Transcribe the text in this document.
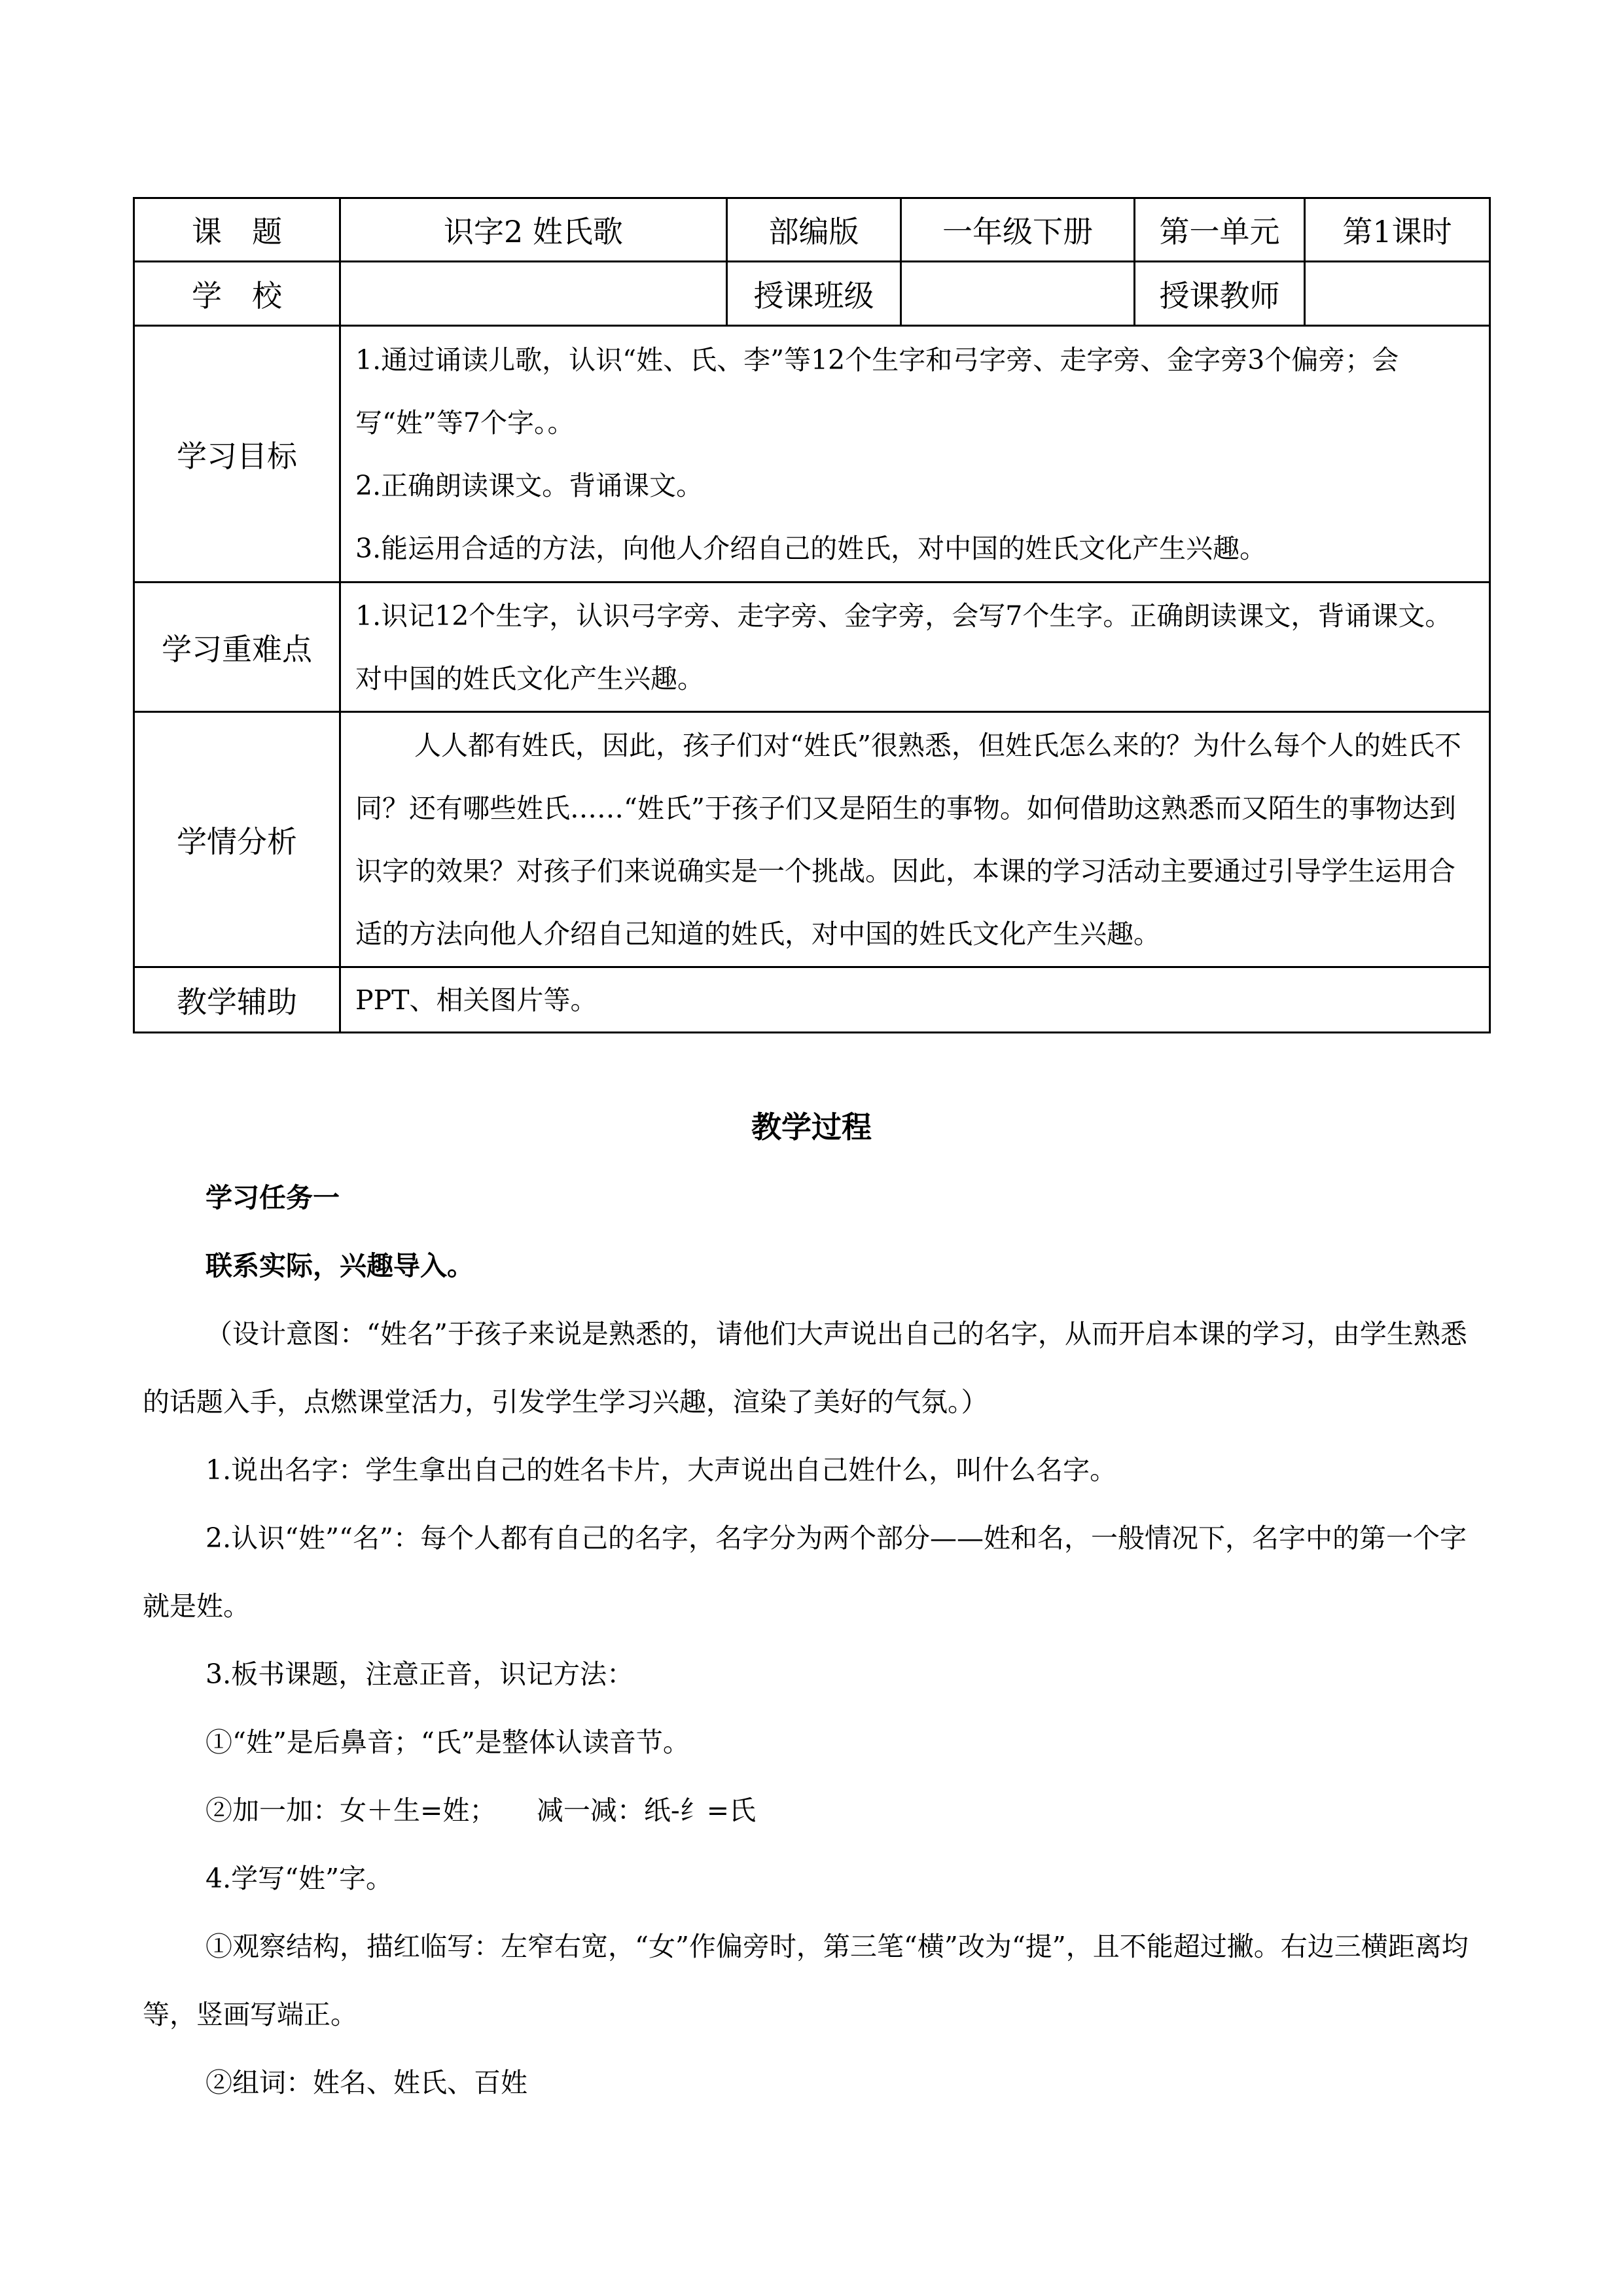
课　题	识字2 姓氏歌	部编版	一年级下册	第一单元	第1课时
学　校		授课班级		授课教师	
学习目标	1.通过诵读儿歌，认识“姓、氏、李”等12个生字和弓字旁、走字旁、金字旁3个偏旁；会写“姓”等7个字。。

2.正确朗读课文。背诵课文。

3.能运用合适的方法，向他人介绍自己的姓氏，对中国的姓氏文化产生兴趣。				

学习重难点	1.识记12个生字，认识弓字旁、走字旁、金字旁，会写7个生字。正确朗读课文，背诵课文。对中国的姓氏文化产生兴趣。				

学情分析	人人都有姓氏，因此，孩子们对“姓氏”很熟悉，但姓氏怎么来的？为什么每个人的姓氏不同？还有哪些姓氏……“姓氏”于孩子们又是陌生的事物。如何借助这熟悉而又陌生的事物达到识字的效果？对孩子们来说确实是一个挑战。因此，本课的学习活动主要通过引导学生运用合适的方法向他人介绍自己知道的姓氏，对中国的姓氏文化产生兴趣。				

教学辅助	PPT、相关图片等。				

教学过程

学习任务一

联系实际，兴趣导入。

（设计意图：“姓名”于孩子来说是熟悉的，请他们大声说出自己的名字，从而开启本课的学习，由学生熟悉的话题入手，点燃课堂活力，引发学生学习兴趣，渲染了美好的气氛。）

1.说出名字：学生拿出自己的姓名卡片，大声说出自己姓什么，叫什么名字。

2.认识“姓”“名”：每个人都有自己的名字，名字分为两个部分——姓和名，一般情况下，名字中的第一个字就是姓。

3.板书课题，注意正音，识记方法：

①“姓”是后鼻音；“氏”是整体认读音节。

②加一加：女＋生=姓；　　减一减：纸-纟=氏

4.学写“姓”字。

①观察结构，描红临写：左窄右宽，“女”作偏旁时，第三笔“横”改为“提”，且不能超过撇。右边三横距离均等，竖画写端正。

②组词：姓名、姓氏、百姓
